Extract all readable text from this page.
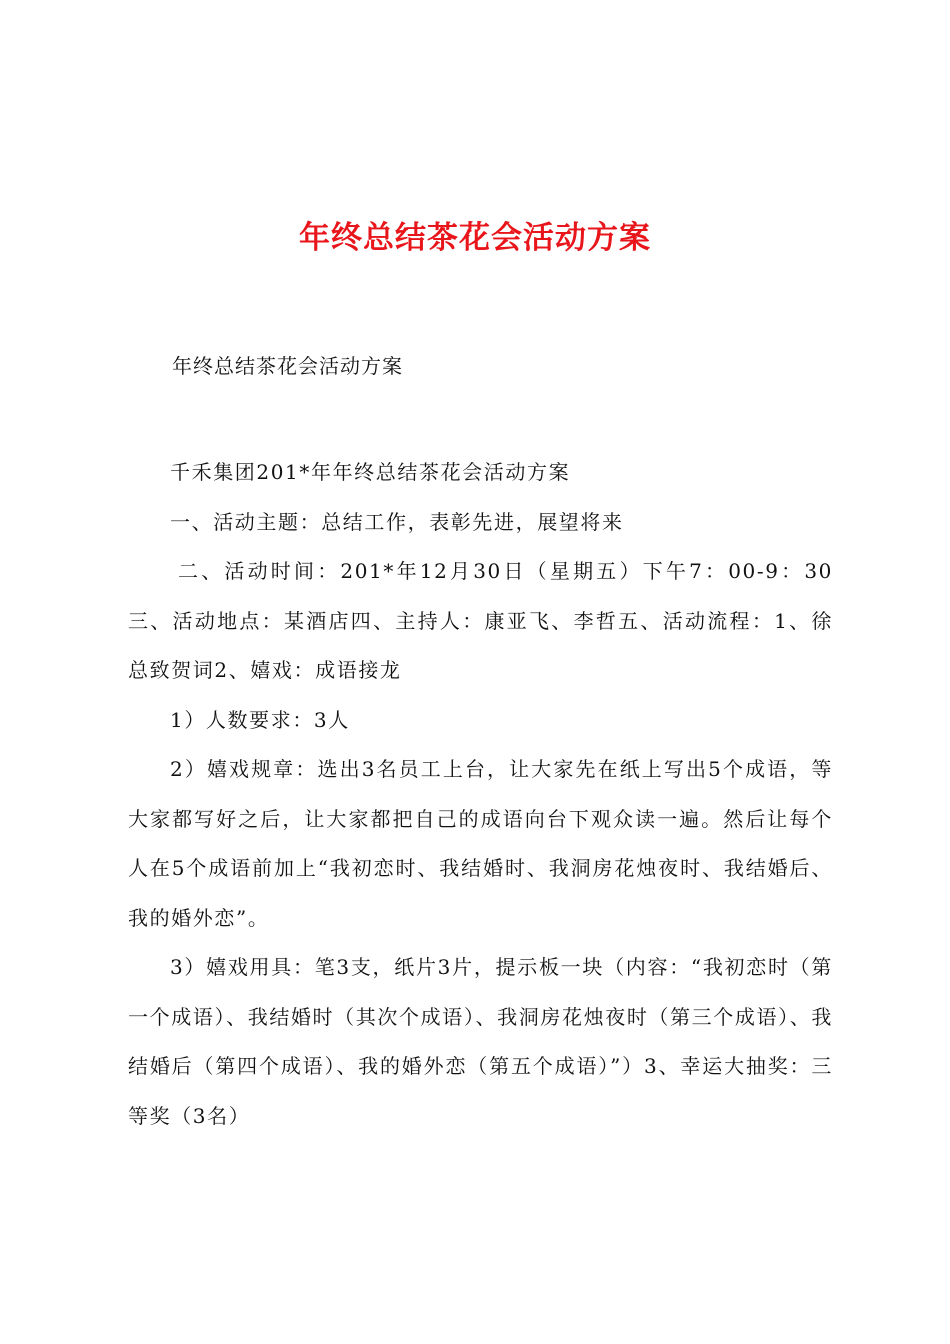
年终总结茶花会活动方案
年终总结茶花会活动方案

千禾集团201*年年终总结茶花会活动方案

一、活动主题：总结工作，表彰先进，展望将来

二、活动时间：201*年12月30日（星期五）下午7：00-9：30三、活动地点：某酒店四、主持人：康亚飞、李哲五、活动流程：1、徐总致贺词2、嬉戏：成语接龙

1）人数要求：3人

2）嬉戏规章：选出3名员工上台，让大家先在纸上写出5个成语，等大家都写好之后，让大家都把自己的成语向台下观众读一遍。然后让每个人在5个成语前加上“我初恋时、我结婚时、我洞房花烛夜时、我结婚后、我的婚外恋”。

3）嬉戏用具：笔3支，纸片3片，提示板一块（内容：“我初恋时（第一个成语）、我结婚时（其次个成语）、我洞房花烛夜时（第三个成语）、我结婚后（第四个成语）、我的婚外恋（第五个成语）”）3、幸运大抽奖：三等奖（3名）
